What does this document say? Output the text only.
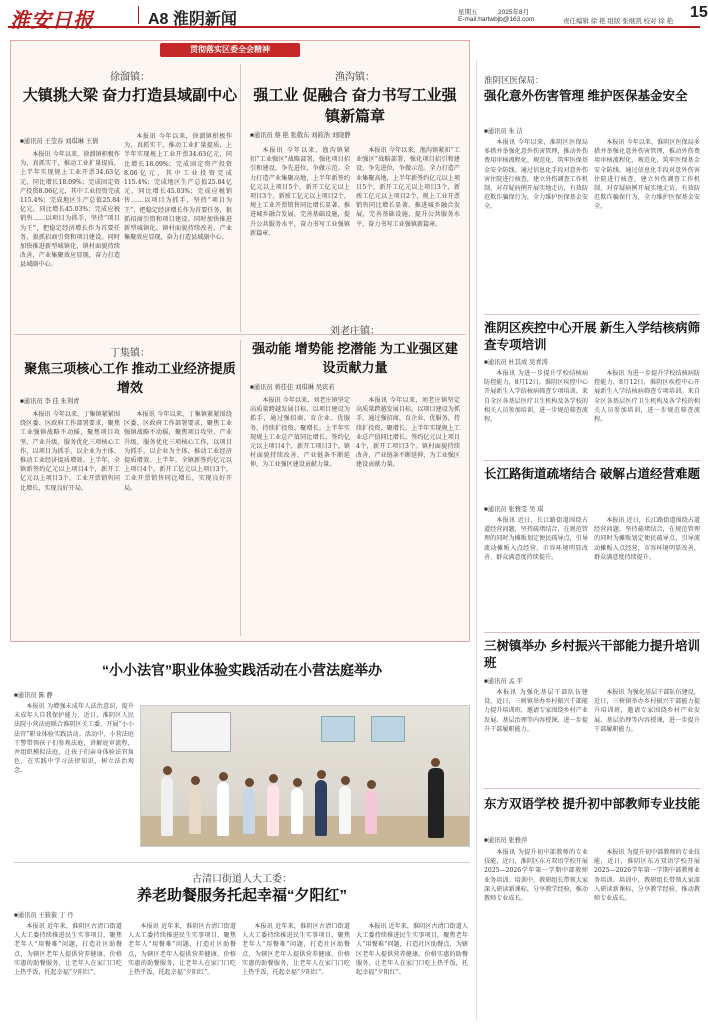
淮安日报	A8 淮阴新闻	星期五	2025年8月
E-mail:hartwbjb@163.com	责任编辑 徐 艳 组版 张继凯 校对 徐 艳
15
贯彻落实区委全会精神
徐溜镇：
大镇挑大梁 奋力打造县域副中心
■通讯员 王莹春 刘琪琳 王倩

本报讯 今年以来，徐溜镇积极作为，真抓实干，推动工业扩量提质，上半年实现规上工业开票34.63亿元，同比增长18.09%；完成固定资产投资8.06亿元，其中工业投资完成115.4%；完成地区生产总值25.84亿元，同比增长45.03%；完成应税销售……以项目为抓手，坚持“项目为王”，把稳定经济增长作为首要任务，狠抓招商引资和项目建设。同时加快推进新型城镇化，镇村面貌持续改善，产业集聚效应显现，奋力打造县域副中心。

本报讯 今年以来，徐溜镇积极作为，真抓实干，推动工业扩量提质，上半年实现规上工业开票34.63亿元，同比增长18.09%；完成固定资产投资8.06亿元，其中工业投资完成115.4%；完成地区生产总值25.84亿元，同比增长45.03%；完成应税销售……以项目为抓手，坚持“项目为王”，把稳定经济增长作为首要任务，狠抓招商引资和项目建设。同时加快推进新型城镇化，镇村面貌持续改善，产业集聚效应显现，奋力打造县域副中心。

渔沟镇：
强工业 促融合 奋力书写工业强镇新篇章
■通讯员 蔡 艳 张敬东 刘筱浩 刘晓静

本报讯 今年以来，渔沟镇紧扣“工业强区”战略部署，强化项目招引和建设，争先进位，争做示范。全力打造产业集聚高地，上半年新签约亿元以上项目5个，新开工亿元以上项目3个，新竣工亿元以上项目2个，规上工业开票销售同比增长显著。推进城乡融合发展，完善基础设施，提升公共服务水平，奋力书写工业强镇新篇章。

本报讯 今年以来，渔沟镇紧扣“工业强区”战略部署，强化项目招引和建设，争先进位，争做示范。全力打造产业集聚高地，上半年新签约亿元以上项目5个，新开工亿元以上项目3个，新竣工亿元以上项目2个，规上工业开票销售同比增长显著。推进城乡融合发展，完善基础设施，提升公共服务水平，奋力书写工业强镇新篇章。

丁集镇：
聚焦三项核心工作 推动工业经济提质增效
■通讯员 李 佳 朱利青

本报讯 今年以来，丁集镇紧紧围绕区委、区政府工作部署要求，聚焦工业强镇战略不动摇，聚焦项目攻坚、产业升级、服务优化三项核心工作，以项目为抓手，以企业为主体，推动工业经济提质增效。上半年，全镇新签约亿元以上项目4个，新开工亿元以上项目3个，工业开票销售同比增长，实现良好开局。

本报讯 今年以来，丁集镇紧紧围绕区委、区政府工作部署要求，聚焦工业强镇战略不动摇，聚焦项目攻坚、产业升级、服务优化三项核心工作，以项目为抓手，以企业为主体，推动工业经济提质增效。上半年，全镇新签约亿元以上项目4个，新开工亿元以上项目3个，工业开票销售同比增长，实现良好开局。

刘老庄镇：
强动能 增势能 挖潜能 为工业强区建设贡献力量
■通讯员 蒋佳佳 刘琪琳 吴宾若

本报讯 今年以来，刘老庄镇坚定高质量跨越发展目标，以项目建设为抓手，通过强招商、育企业、优服务，持续扩投资、聚增长。上半年实现规上工业总产值同比增长，签约亿元以上项目4个，新开工项目3个。镇村面貌持续改善，产业链条不断延伸，为工业强区建设贡献力量。

本报讯 今年以来，刘老庄镇坚定高质量跨越发展目标，以项目建设为抓手，通过强招商、育企业、优服务，持续扩投资、聚增长。上半年实现规上工业总产值同比增长，签约亿元以上项目4个，新开工项目3个。镇村面貌持续改善，产业链条不断延伸，为工业强区建设贡献力量。

淮阴区医保局：
强化意外伤害管理 维护医保基金安全
■通讯员 朱 洁

本报讯 今年以来，淮阴区医保局多措并举强化意外伤害管理，推动外伤费用审核流程化、规范化，筑牢医保基金安全防线。通过信息化手段对意外伤害住院进行核查，建立外伤调查工作机制，对存疑病例开展实地走访，有效防范欺诈骗保行为，全力维护医保基金安全。

本报讯 今年以来，淮阴区医保局多措并举强化意外伤害管理，推动外伤费用审核流程化、规范化，筑牢医保基金安全防线。通过信息化手段对意外伤害住院进行核查，建立外伤调查工作机制，对存疑病例开展实地走访，有效防范欺诈骗保行为，全力维护医保基金安全。

淮阴区疾控中心开展 新生入学结核病筛查专项培训
■通讯员 杜其成 吴青涛

本报讯 为进一步提升学校结核病防控能力，8月12日，淮阴区疾控中心开展新生入学结核病筛查专项培训。来自全区各基层医疗卫生机构及各学校的相关人员参加培训，进一步规范筛查流程。

本报讯 为进一步提升学校结核病防控能力，8月12日，淮阴区疾控中心开展新生入学结核病筛查专项培训。来自全区各基层医疗卫生机构及各学校的相关人员参加培训，进一步规范筛查流程。

长江路街道疏堵结合 破解占道经营难题
■通讯员 张雅雯 吴 琪

本报讯 近日，长江路街道围绕占道经营问题，坚持疏堵结合，在规范管理的同时为摊贩划定便民疏导点，引导流动摊贩入点经营，市容环境明显改善，群众满意度持续提升。

本报讯 近日，长江路街道围绕占道经营问题，坚持疏堵结合，在规范管理的同时为摊贩划定便民疏导点，引导流动摊贩入点经营，市容环境明显改善，群众满意度持续提升。

三树镇举办 乡村振兴干部能力提升培训班
■通讯员 孟 平

本报讯 为强化基层干部队伍建设，近日，三树镇举办乡村振兴干部能力提升培训班，邀请专家围绕乡村产业发展、基层治理等内容授课，进一步提升干部履职能力。

本报讯 为强化基层干部队伍建设，近日，三树镇举办乡村振兴干部能力提升培训班，邀请专家围绕乡村产业发展、基层治理等内容授课，进一步提升干部履职能力。

东方双语学校 提升初中部教师专业技能
■通讯员 张雅萍

本报讯 为提升初中部教师的专业技能，近日，淮阴区东方双语学校开展2025—2026学年第一学期中部教师业务培训。培训中，教研组长带领大家深入研读新课标，分享教学经验，推动教师专业成长。

本报讯 为提升初中部教师的专业技能，近日，淮阴区东方双语学校开展2025—2026学年第一学期中部教师业务培训。培训中，教研组长带领大家深入研读新课标，分享教学经验，推动教师专业成长。

“小小法官”职业体验实践活动在小营法庭举办
■通讯员 陈 静

本报讯 为增强未成年人法治意识，提升未成年人自我保护能力，近日，淮阴区人民法院小营法庭联合淮阴区关工委，开展“小小法官”职业体验实践活动。活动中，小营法庭干警带领孩子们参观法庭，讲解庭审流程，并组织模拟法庭，让孩子们亲身体验法官角色，在实践中学习法律知识，树立法治观念。

古清口街道人大工委：
养老助餐服务托起幸福“夕阳红”
■通讯员 王筱筱 丁 丹

本报讯 近年来，淮阴区古清口街道人大工委持续推进民生实事项目，聚焦老年人“用餐难”问题，打造社区助餐点，为辖区老年人提供营养健康、价格实惠的助餐服务，让老年人在家门口吃上热乎饭，托起幸福“夕阳红”。

本报讯 近年来，淮阴区古清口街道人大工委持续推进民生实事项目，聚焦老年人“用餐难”问题，打造社区助餐点，为辖区老年人提供营养健康、价格实惠的助餐服务，让老年人在家门口吃上热乎饭，托起幸福“夕阳红”。

本报讯 近年来，淮阴区古清口街道人大工委持续推进民生实事项目，聚焦老年人“用餐难”问题，打造社区助餐点，为辖区老年人提供营养健康、价格实惠的助餐服务，让老年人在家门口吃上热乎饭，托起幸福“夕阳红”。

本报讯 近年来，淮阴区古清口街道人大工委持续推进民生实事项目，聚焦老年人“用餐难”问题，打造社区助餐点，为辖区老年人提供营养健康、价格实惠的助餐服务，让老年人在家门口吃上热乎饭，托起幸福“夕阳红”。
